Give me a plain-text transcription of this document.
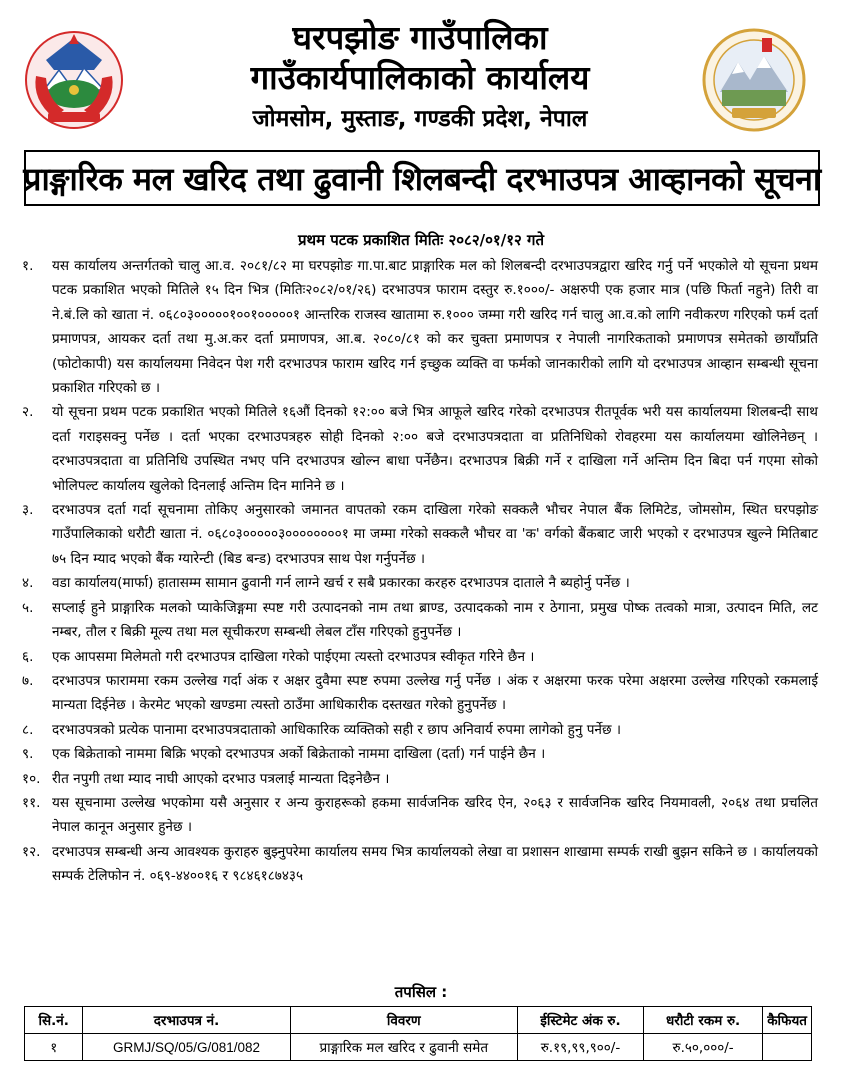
घरपझोङ गाउँपालिका
गाउँकार्यपालिकाको कार्यालय
जोमसोम, मुस्ताङ, गण्डकी प्रदेश, नेपाल
प्राङ्गारिक मल खरिद तथा ढुवानी शिलबन्दी दरभाउपत्र आव्हानको सूचना
प्रथम पटक प्रकाशित मितिः २०८२/०१/१२ गते
१.	यस कार्यालय अन्तर्गतको चालु आ.व. २०८१/८२ मा घरपझोङ गा.पा.बाट प्राङ्गारिक मल को शिलबन्दी दरभाउपत्रद्वारा खरिद गर्नु पर्ने भएकोले यो सूचना प्रथम पटक प्रकाशित भएको मितिले १५ दिन भित्र (मितिः२०८२/०१/२६) दरभाउपत्र फाराम दस्तुर रु.१०००/- अक्षरुपी एक हजार मात्र (पछि फिर्ता नहुने) तिरी वा ने.बं.लि को खाता नं. ०६८०३०००००१००१०००००१ आन्तरिक राजस्व खातामा रु.१००० जम्मा गरी खरिद गर्न चालु आ.व.को लागि नवीकरण गरिएको फर्म दर्ता प्रमाणपत्र, आयकर दर्ता तथा मु.अ.कर दर्ता प्रमाणपत्र, आ.ब. २०८०/८१ को कर चुक्ता प्रमाणपत्र र नेपाली नागरिकताको प्रमाणपत्र समेतको छायाँप्रति (फोटोकापी) यस कार्यालयमा निवेदन पेश गरी दरभाउपत्र फाराम खरिद गर्न इच्छुक व्यक्ति वा फर्मको जानकारीको लागि यो दरभाउपत्र आव्हान सम्बन्धी सूचना प्रकाशित गरिएको छ ।
२.	यो सूचना प्रथम पटक प्रकाशित भएको मितिले १६औं दिनको १२:०० बजे भित्र आफूले खरिद गरेको दरभाउपत्र रीतपूर्वक भरी यस कार्यालयमा शिलबन्दी साथ दर्ता गराइसक्नु पर्नेछ । दर्ता भएका दरभाउपत्रहरु सोही दिनको २:०० बजे दरभाउपत्रदाता वा प्रतिनिधिको रोवहरमा यस कार्यालयमा खोलिनेछन् । दरभाउपत्रदाता वा प्रतिनिधि उपस्थित नभए पनि दरभाउपत्र खोल्न बाधा पर्नेछैन। दरभाउपत्र बिक्री गर्ने र दाखिला गर्ने अन्तिम दिन बिदा पर्न गएमा सोको भोलिपल्ट कार्यालय खुलेको दिनलाई अन्तिम दिन मानिने छ ।
३.	दरभाउपत्र दर्ता गर्दा सूचनामा तोकिए अनुसारको जमानत वापतको रकम दाखिला गरेको सक्कलै भौचर नेपाल बैंक लिमिटेड, जोमसोम, स्थित घरपझोङ गाउँपालिकाको धरौटी खाता नं. ०६८०३०००००३००००००००१ मा जम्मा गरेको सक्कलै भौचर वा 'क' वर्गको बैंकबाट जारी भएको र दरभाउपत्र खुल्ने मितिबाट ७५ दिन म्याद भएको बैंक ग्यारेन्टी (बिड बन्ड) दरभाउपत्र साथ पेश गर्नुपर्नेछ ।
४.	वडा कार्यालय(मार्फा) हातासम्म सामान ढुवानी गर्न लाग्ने खर्च र सबै प्रकारका करहरु दरभाउपत्र दाताले नै ब्यहोर्नु पर्नेछ ।
५.	सप्लाई हुने प्राङ्गारिक मलको प्याकेजिङ्गमा स्पष्ट गरी उत्पादनको नाम तथा ब्राण्ड, उत्पादकको नाम र ठेगाना, प्रमुख पोष्क तत्वको मात्रा, उत्पादन मिति, लट नम्बर, तौल र बिक्री मूल्य तथा मल सूचीकरण सम्बन्धी लेबल टाँस गरिएको हुनुपर्नेछ ।
६.	एक आपसमा मिलेमतो गरी दरभाउपत्र दाखिला गरेको पाईएमा त्यस्तो दरभाउपत्र स्वीकृत गरिने छैन ।
७.	दरभाउपत्र फाराममा रकम उल्लेख गर्दा अंक र अक्षर दुवैमा स्पष्ट रुपमा उल्लेख गर्नु पर्नेछ । अंक र अक्षरमा फरक परेमा अक्षरमा उल्लेख गरिएको रकमलाई मान्यता दिईनेछ । केरमेट भएको खण्डमा त्यस्तो ठाउँमा आधिकारीक दस्तखत गरेको हुनुपर्नेछ ।
८.	दरभाउपत्रको प्रत्येक पानामा दरभाउपत्रदाताको आधिकारिक व्यक्तिको सही र छाप अनिवार्य रुपमा लागेको हुनु पर्नेछ ।
९.	एक बिक्रेताको नाममा बिक्रि भएको दरभाउपत्र अर्को बिक्रेताको नाममा दाखिला (दर्ता) गर्न पाईने छैन ।
१०. रीत नपुगी तथा म्याद नाघी आएको दरभाउ पत्रलाई मान्यता दिइनेछैन ।
११. यस सूचनामा उल्लेख भएकोमा यसै अनुसार र अन्य कुराहरूको हकमा सार्वजनिक खरिद ऐन, २०६३ र सार्वजनिक खरिद नियमावली, २०६४ तथा प्रचलित नेपाल कानून अनुसार हुनेछ ।
१२. दरभाउपत्र सम्बन्धी अन्य आवश्यक कुराहरु बुझ्नुपरेमा कार्यालय समय भित्र कार्यालयको लेखा वा प्रशासन शाखामा सम्पर्क राखी बुझन सकिने छ । कार्यालयको सम्पर्क टेलिफोन नं. ०६९-४४००१६ र ९८४६१८७४३५
तपसिल :
सि.नं.	दरभाउपत्र नं.	विवरण	ईस्टिमेट अंक रु.	धरौटी रकम रु.	कैफियत
१	GRMJ/SQ/05/G/081/082	प्राङ्गारिक मल खरिद र ढुवानी समेत	रु.१९,९९,९००/-	रु.५०,०००/-	
